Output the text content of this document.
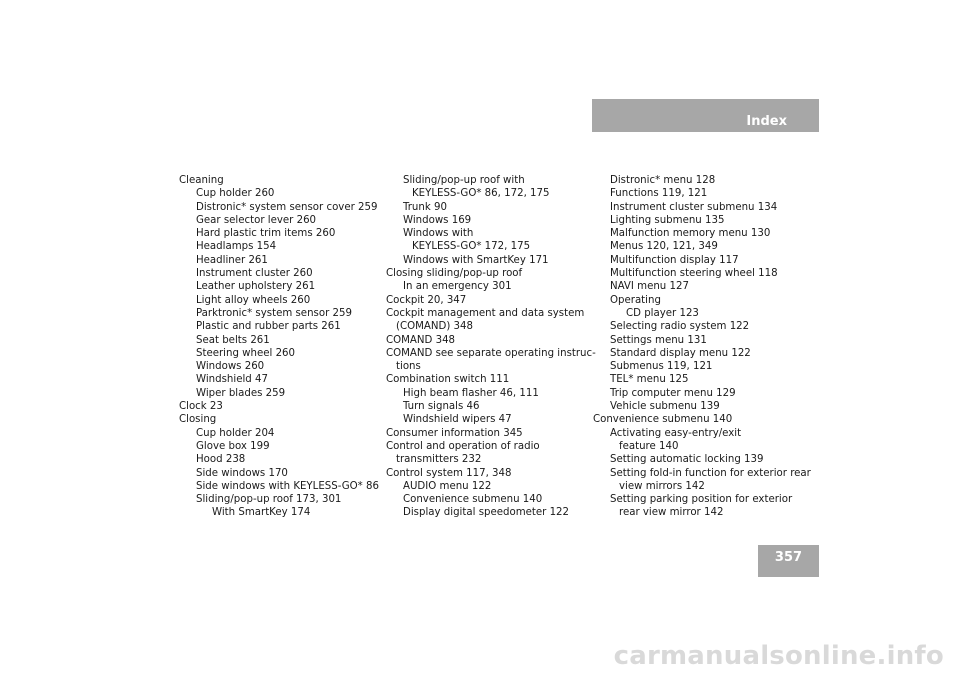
Index
Cleaning
Cup holder 260
Distronic* system sensor cover 259
Gear selector lever 260
Hard plastic trim items 260
Headlamps 154
Headliner 261
Instrument cluster 260
Leather upholstery 261
Light alloy wheels 260
Parktronic* system sensor 259
Plastic and rubber parts 261
Seat belts 261
Steering wheel 260
Windows 260
Windshield 47
Wiper blades 259
Clock 23
Closing
Cup holder 204
Glove box 199
Hood 238
Side windows 170
Side windows with KEYLESS-GO* 86
Sliding/pop-up roof 173, 301
With SmartKey 174
Sliding/pop-up roof with
KEYLESS-GO* 86, 172, 175
Trunk 90
Windows 169
Windows with
KEYLESS-GO* 172, 175
Windows with SmartKey 171
Closing sliding/pop-up roof
In an emergency 301
Cockpit 20, 347
Cockpit management and data system
(COMAND) 348
COMAND 348
COMAND see separate operating instruc-
tions
Combination switch 111
High beam flasher 46, 111
Turn signals 46
Windshield wipers 47
Consumer information 345
Control and operation of radio
transmitters 232
Control system 117, 348
AUDIO menu 122
Convenience submenu 140
Display digital speedometer 122
Distronic* menu 128
Functions 119, 121
Instrument cluster submenu 134
Lighting submenu 135
Malfunction memory menu 130
Menus 120, 121, 349
Multifunction display 117
Multifunction steering wheel 118
NAVI menu 127
Operating
CD player 123
Selecting radio system 122
Settings menu 131
Standard display menu 122
Submenus 119, 121
TEL* menu 125
Trip computer menu 129
Vehicle submenu 139
Convenience submenu 140
Activating easy-entry/exit
feature 140
Setting automatic locking 139
Setting fold-in function for exterior rear
view mirrors 142
Setting parking position for exterior
rear view mirror 142
357
carmanualsonline.info
